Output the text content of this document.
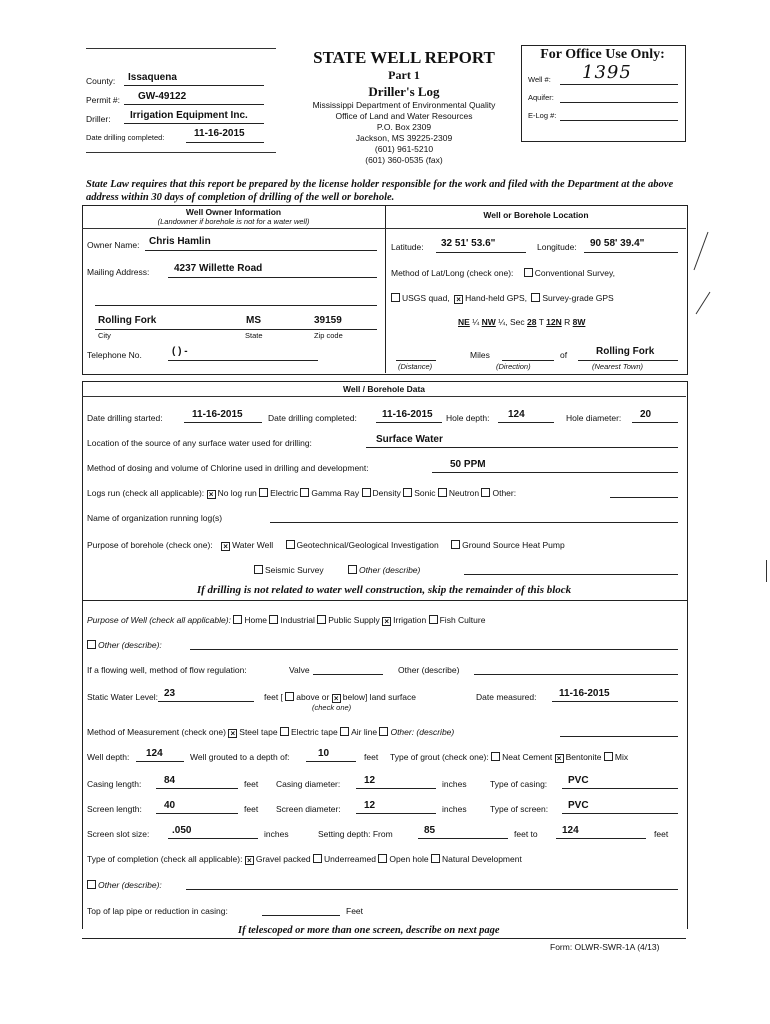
County: Issaquena
Permit #: GW-49122
Driller: Irrigation Equipment Inc.
Date drilling completed:	11-16-2015
STATE WELL REPORT
Part 1
Driller's Log
Mississippi Department of Environmental Quality
Office of Land and Water Resources
P.O. Box 2309
Jackson, MS 39225-2309
(601) 961-5210
(601) 360-0535 (fax)
For Office Use Only:
Well #: 1395
Aquifer:
E-Log #:
State Law requires that this report be prepared by the license holder responsible for the work and filed with the Department at the above address within 30 days of completion of drilling of the well or borehole.
Well Owner Information
(Landowner if borehole is not for a water well)
Owner Name: Chris Hamlin
Mailing Address: 4237 Willette Road
Rolling Fork	MS	39159
City	State	Zip code
Telephone No.	( ) -
Well or Borehole Location
Latitude: 32 51' 53.6"	Longitude: 90 58' 39.4"
Method of Lat/Long (check one):	Conventional Survey,
USGS quad, × Hand-held GPS, Survey-grade GPS
NE ¼ NW ¼, Sec 28 T 12N R 8W
Miles	of	Rolling Fork
(Distance)	(Direction)	(Nearest Town)
Well / Borehole Data
Date drilling started:	11-16-2015	Date drilling completed:	11-16-2015 Hole depth: 124	Hole diameter: 20
Location of the source of any surface water used for drilling:	Surface Water
Method of dosing and volume of Chlorine used in drilling and development:	50 PPM
Logs run (check all applicable): × No log run Electric Gamma Ray Density Sonic Neutron Other:
Name of organization running log(s)
Purpose of borehole (check one): × Water Well	Geotechnical/Geological Investigation	Ground Source Heat Pump
Seismic Survey	Other (describe)
If drilling is not related to water well construction, skip the remainder of this block
Purpose of Well (check all applicable): Home Industrial Public Supply × Irrigation Fish Culture
Other (describe):
If a flowing well, method of flow regulation:	Valve	Other (describe)
Static Water Level: 23	feet [ above or × below] land surface
(check one)
Date measured: 11-16-2015
Method of Measurement (check one) × Steel tape Electric tape Air line Other: (describe)
Well depth: 124	Well grouted to a depth of:	10	feet Type of grout (check one): Neat Cement × Bentonite Mix
Casing length: 84	feet Casing diameter: 12	inches	Type of casing: PVC
Screen length: 40	feet Screen diameter: 12	inches	Type of screen: PVC
Screen slot size: .050	inches	Setting depth: From	85	feet to 124	feet
Type of completion (check all applicable): × Gravel packed Underreamed Open hole Natural Development
Other (describe):
Top of lap pipe or reduction in casing:	Feet
If telescoped or more than one screen, describe on next page
Form: OLWR-SWR-1A (4/13)
